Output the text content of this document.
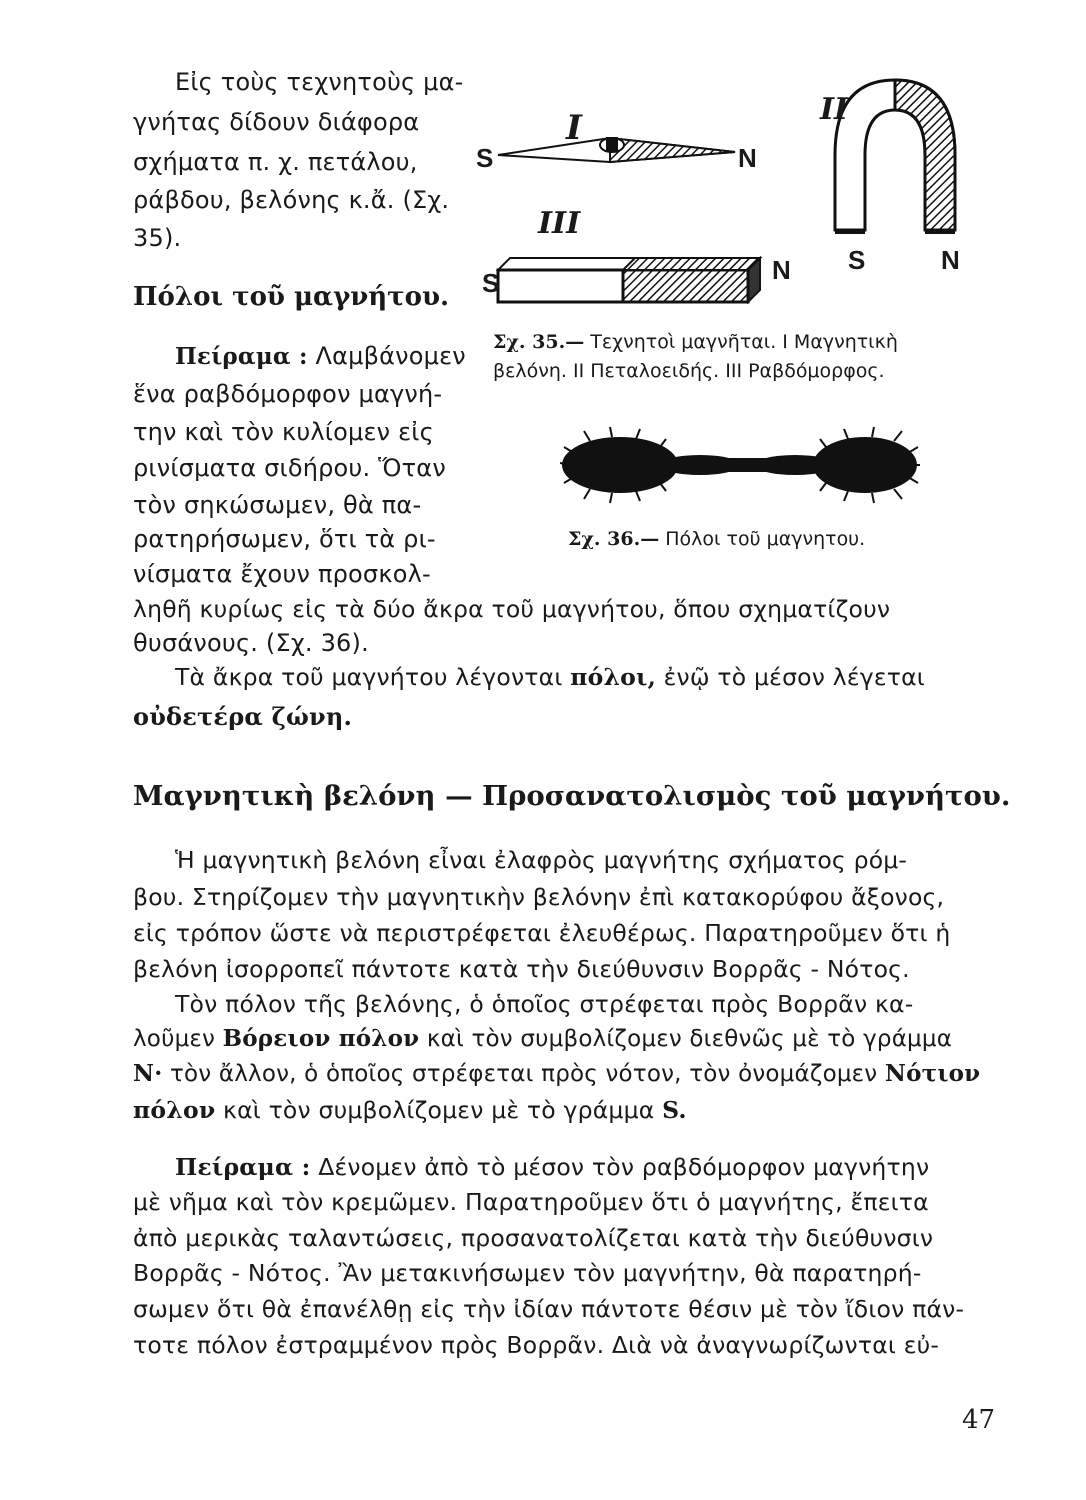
Εἰς τοὺς τεχνητοὺς μα-
γνήτας δίδουν διάφορα
σχήματα π. χ. πετάλου,
ράβδου, βελόνης κ.ἄ. (Σχ.
35).
Πόλοι τοῦ μαγνήτου.
Πείραμα : Λαμβάνομεν
ἕνα ραβδόμορφον μαγνή-
την καὶ τὸν κυλίομεν εἰς
ρινίσματα σιδήρου. Ὅταν
τὸν σηκώσωμεν, θὰ πα-
ρατηρήσωμεν, ὅτι τὰ ρι-
νίσματα ἔχουν προσκολ-
ληθῆ κυρίως εἰς τὰ δύο ἄκρα τοῦ μαγνήτου, ὅπου σχηματίζουν
θυσάνους. (Σχ. 36).
Τὰ ἄκρα τοῦ μαγνήτου λέγονται πόλοι, ἐνῷ τὸ μέσον λέγεται
οὐδετέρα ζώνη.
I	II
III
S	N
S	N S	N
Σχ. 35.— Τεχνητοὶ μαγνῆται. Ι Μαγνητικὴ
βελόνη. ΙΙ Πεταλοειδής. ΙΙΙ Ραβδόμορφος.
Σχ. 36.— Πόλοι τοῦ μαγνητου.
Μαγνητικὴ βελόνη — Προσανατολισμὸς τοῦ μαγνήτου.
Ἡ μαγνητικὴ βελόνη εἶναι ἐλαφρὸς μαγνήτης σχήματος ρόμ-
βου. Στηρίζομεν τὴν μαγνητικὴν βελόνην ἐπὶ κατακορύφου ἄξονος,
εἰς τρόπον ὥστε νὰ περιστρέφεται ἐλευθέρως. Παρατηροῦμεν ὅτι ἡ
βελόνη ἰσορροπεῖ πάντοτε κατὰ τὴν διεύθυνσιν Βορρᾶς - Νότος.
Τὸν πόλον τῆς βελόνης, ὁ ὁποῖος στρέφεται πρὸς Βορρᾶν κα-
λοῦμεν Βόρειον πόλον καὶ τὸν συμβολίζομεν διεθνῶς μὲ τὸ γράμμα
N· τὸν ἄλλον, ὁ ὁποῖος στρέφεται πρὸς νότον, τὸν ὀνομάζομεν Νότιον
πόλον καὶ τὸν συμβολίζομεν μὲ τὸ γράμμα S.
Πείραμα : Δένομεν ἀπὸ τὸ μέσον τὸν ραβδόμορφον μαγνήτην
μὲ νῆμα καὶ τὸν κρεμῶμεν. Παρατηροῦμεν ὅτι ὁ μαγνήτης, ἔπειτα
ἀπὸ μερικὰς ταλαντώσεις, προσανατολίζεται κατὰ τὴν διεύθυνσιν
Βορρᾶς - Νότος. Ἂν μετακινήσωμεν τὸν μαγνήτην, θὰ παρατηρή-
σωμεν ὅτι θὰ ἐπανέλθῃ εἰς τὴν ἰδίαν πάντοτε θέσιν μὲ τὸν ἴδιον πάν-
τοτε πόλον ἐστραμμένον πρὸς Βορρᾶν. Διὰ νὰ ἀναγνωρίζωνται εὐ-
47
